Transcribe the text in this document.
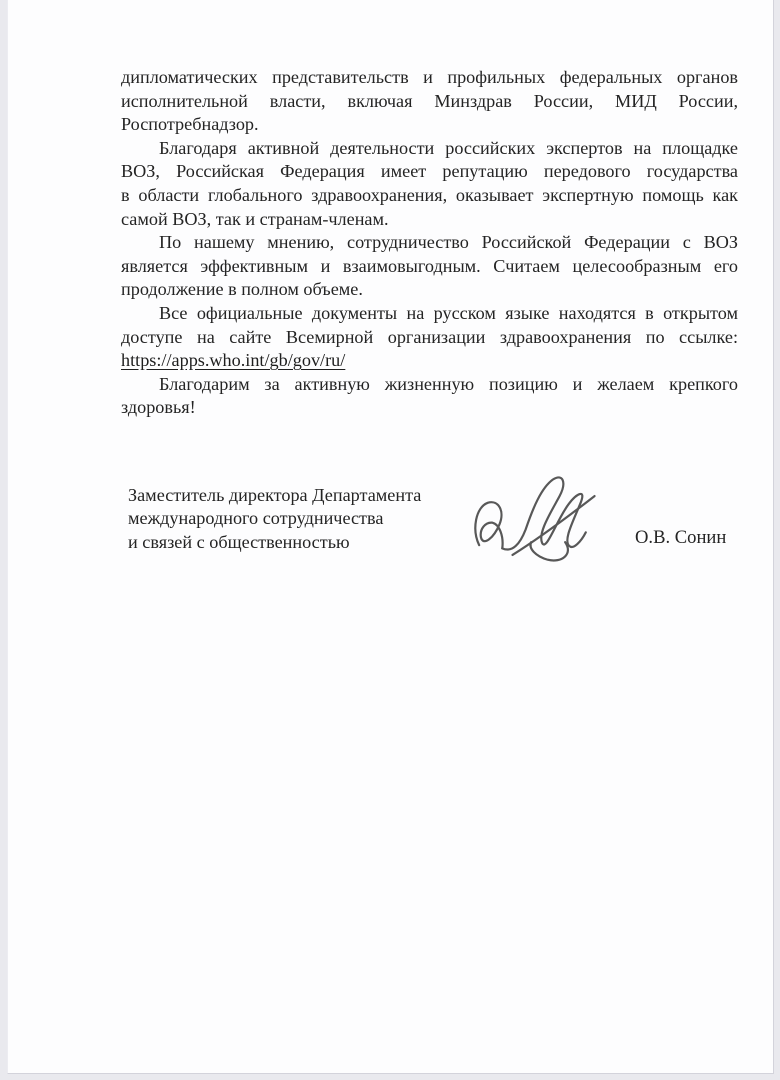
дипломатических представительств и профильных федеральных органов
исполнительной власти, включая Минздрав России, МИД России,
Роспотребнадзор.
Благодаря активной деятельности российских экспертов на площадке
ВОЗ, Российская Федерация имеет репутацию передового государства
в области глобального здравоохранения, оказывает экспертную помощь как
самой ВОЗ, так и странам-членам.
По нашему мнению, сотрудничество Российской Федерации с ВОЗ
является эффективным и взаимовыгодным. Считаем целесообразным его
продолжение в полном объеме.
Все официальные документы на русском языке находятся в открытом
доступе на сайте Всемирной организации здравоохранения по ссылке:
https://apps.who.int/gb/gov/ru/
Благодарим за активную жизненную позицию и желаем крепкого
здоровья!
Заместитель директора Департамента
международного сотрудничества
и связей с общественностью	О.В. Сонин
